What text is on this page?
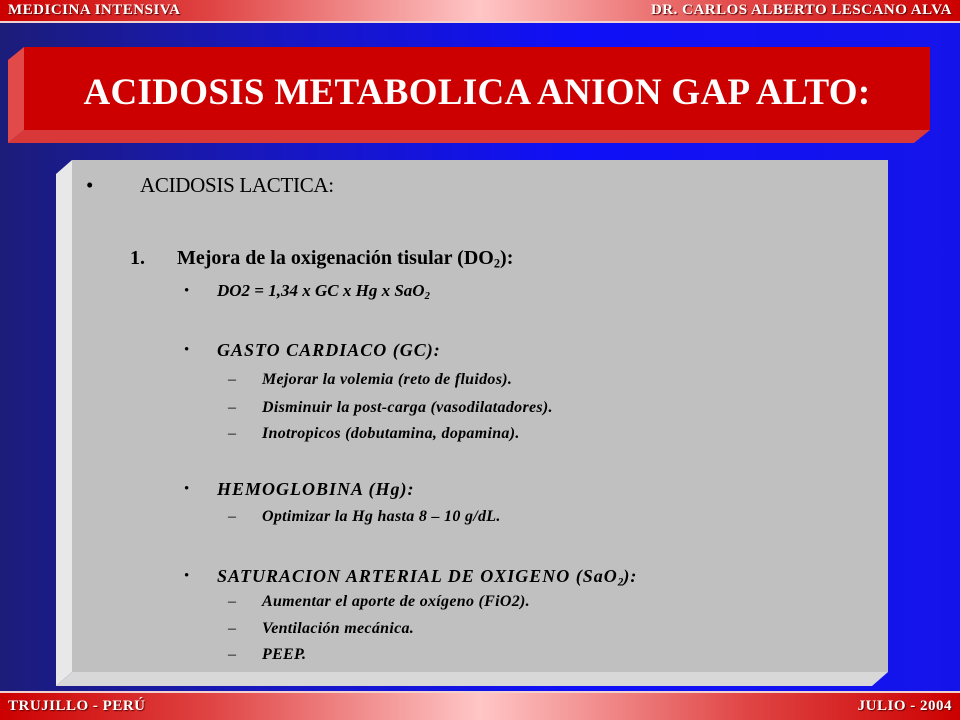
MEDICINA INTENSIVA	DR. CARLOS ALBERTO LESCANO ALVA
ACIDOSIS METABOLICA ANION GAP ALTO:
• ACIDOSIS LACTICA:
1. Mejora de la oxigenación tisular $(DO_2)$:
• DO2 = 1,34 x GC x Hg x SaO$_2$
• GASTO CARDIACO (GC):
– Mejorar la volemia (reto de fluidos).
– Disminuir la post-carga (vasodilatadores).
– Inotropicos (dobutamina, dopamina).
• HEMOGLOBINA (Hg):
– Optimizar la Hg hasta 8 – 10 g/dL.
• SATURACION ARTERIAL DE OXIGENO (SaO$_2$):
– Aumentar el aporte de oxígeno (FiO2).
– Ventilación mecánica.
– PEEP.
TRUJILLO - PERÚ	JULIO - 2004
